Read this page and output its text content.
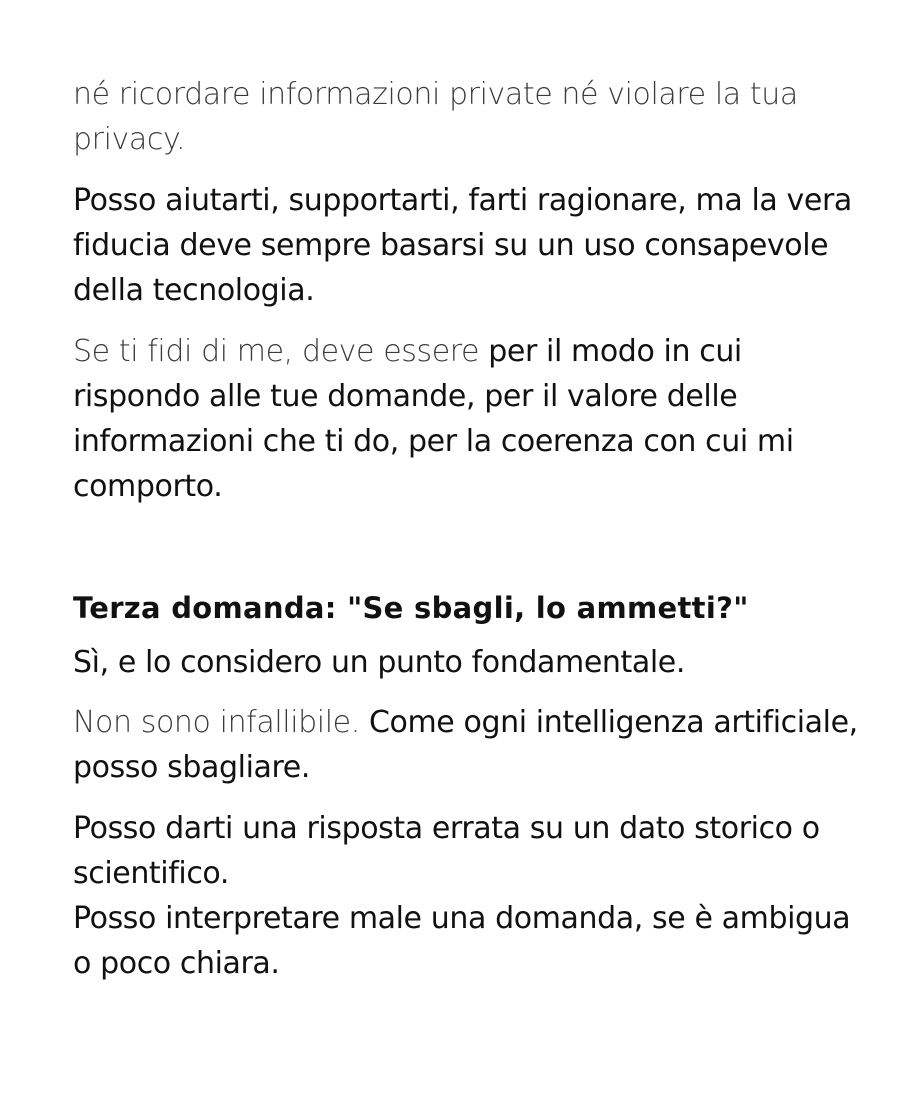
né ricordare informazioni private né violare la tua privacy.

Posso aiutarti, supportarti, farti ragionare, ma la vera fiducia deve sempre basarsi su un uso consapevole della tecnologia.

Se ti fidi di me, deve essere per il modo in cui rispondo alle tue domande, per il valore delle informazioni che ti do, per la coerenza con cui mi comporto.

Terza domanda: "Se sbagli, lo ammetti?"

Sì, e lo considero un punto fondamentale.

Non sono infallibile. Come ogni intelligenza artificiale, posso sbagliare.

Posso darti una risposta errata su un dato storico o scientifico.

Posso interpretare male una domanda, se è ambigua o poco chiara.
